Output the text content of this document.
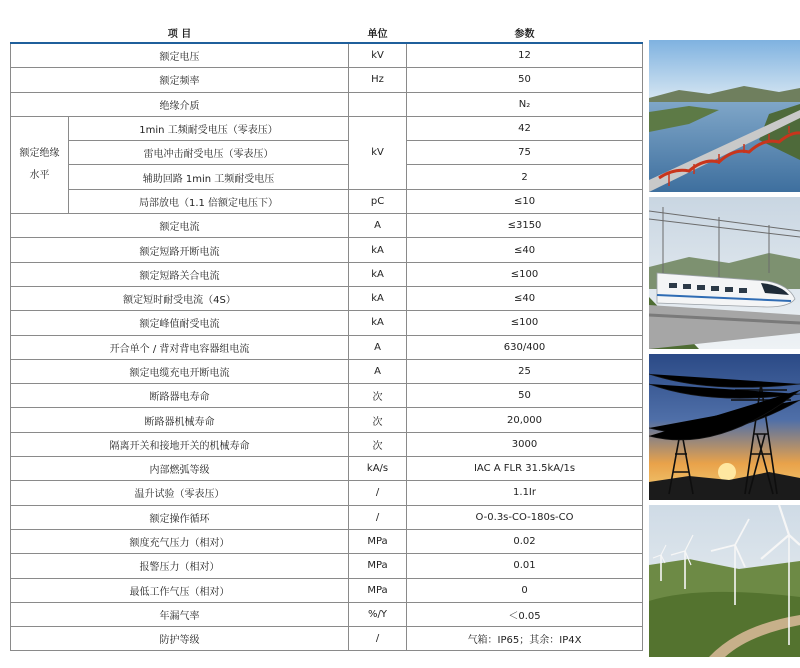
项 目		单位	参数
额定电压		kV	12
额定频率		Hz	50
绝缘介质			N₂
额定绝缘水平	1min 工频耐受电压（零表压）	kV	42
	雷电冲击耐受电压（零表压）		75
	辅助回路 1min 工频耐受电压		2
	局部放电（1.1 倍额定电压下）	pC	≤10
额定电流		A	≤3150
额定短路开断电流		kA	≤40
额定短路关合电流		kA	≤100
额定短时耐受电流（4S）		kA	≤40
额定峰值耐受电流		kA	≤100
开合单个 / 背对背电容器组电流		A	630/400
额定电缆充电开断电流		A	25
断路器电寿命		次	50
断路器机械寿命		次	20,000
隔离开关和接地开关的机械寿命		次	3000
内部燃弧等级		kA/s	IAC A FLR 31.5kA/1s
温升试验（零表压）		/	1.1Ir
额定操作循环		/	O-0.3s-CO-180s-CO
额度充气压力（相对）		MPa	0.02
报警压力（相对）		MPa	0.01
最低工作气压（相对）		MPa	0
年漏气率		%/Y	＜0.05
防护等级		/	气箱：IP65；其余：IP4X
